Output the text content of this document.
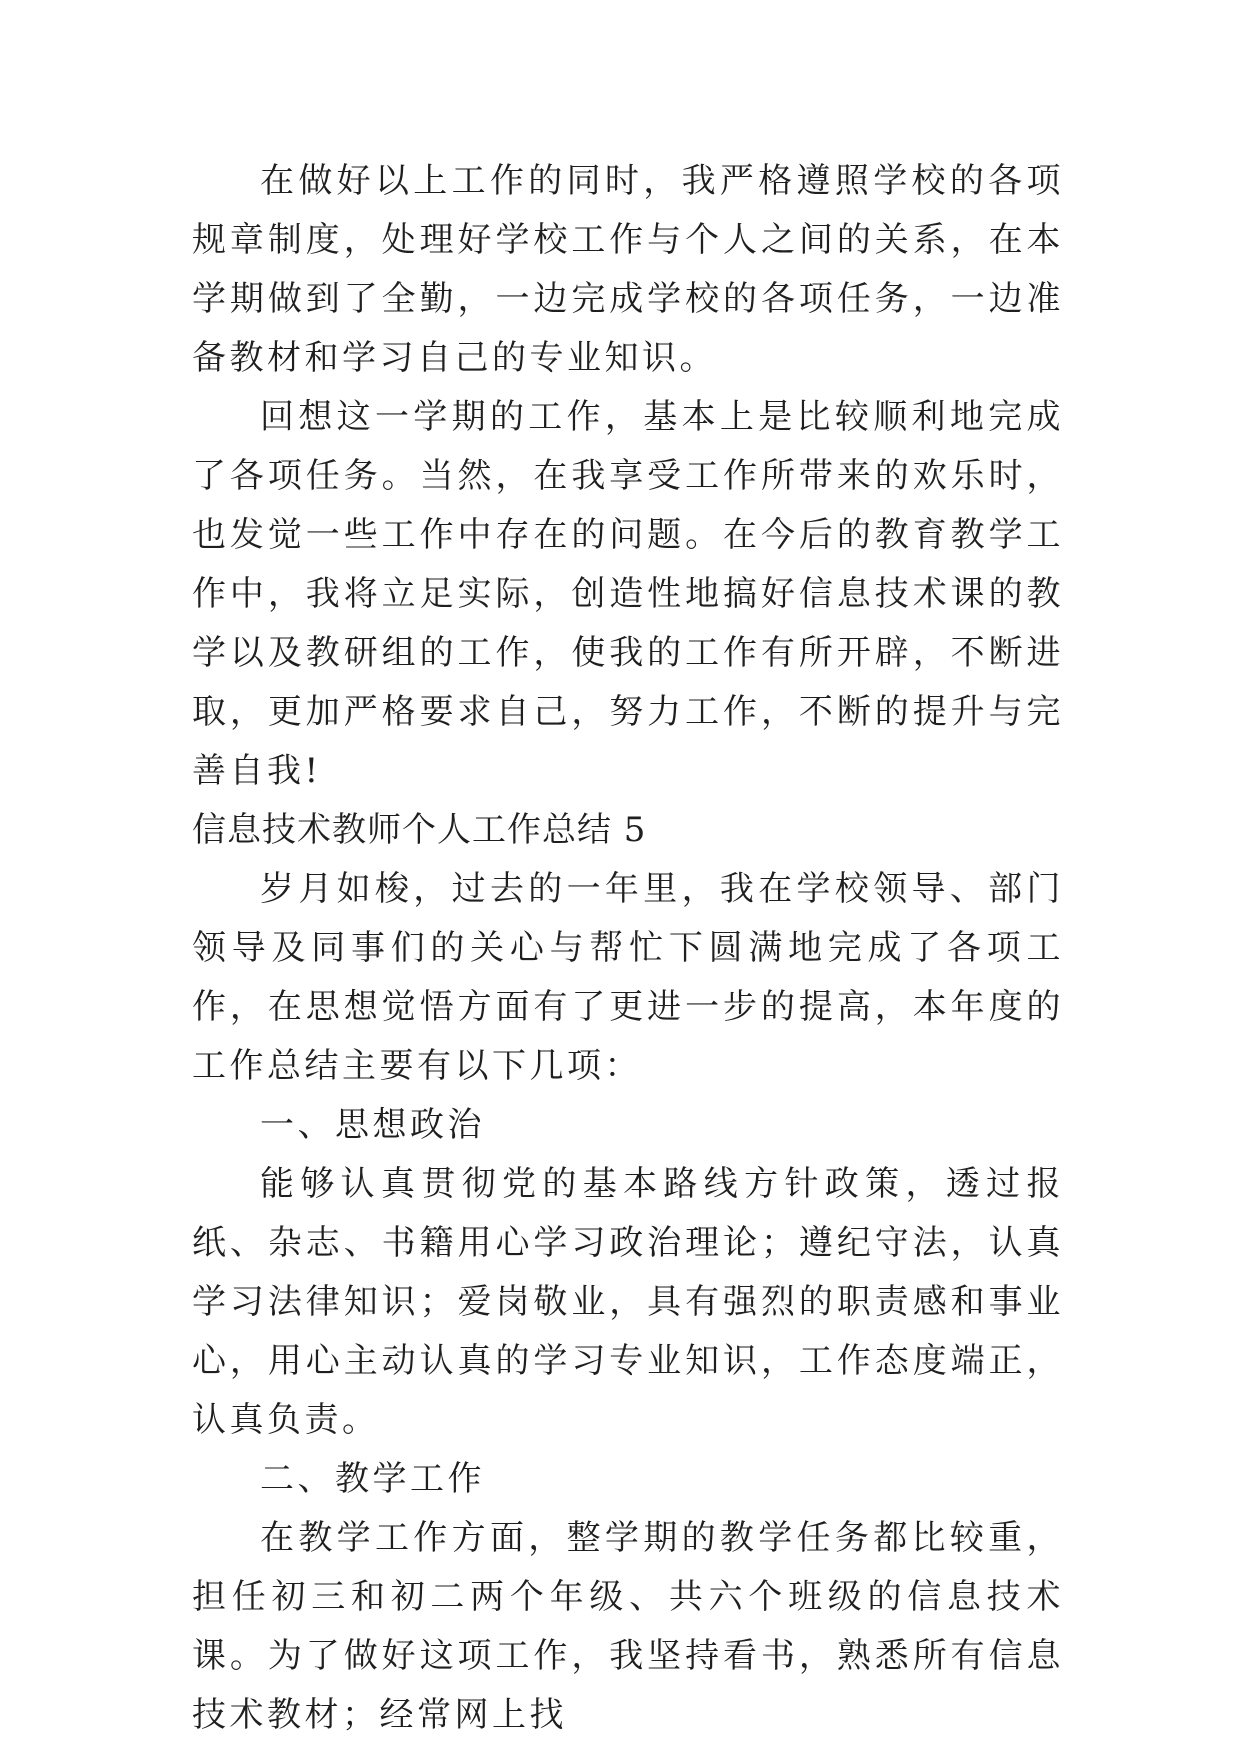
在做好以上工作的同时，我严格遵照学校的各项规章制度，处理好学校工作与个人之间的关系，在本学期做到了全勤，一边完成学校的各项任务，一边准备教材和学习自己的专业知识。

回想这一学期的工作，基本上是比较顺利地完成了各项任务。当然，在我享受工作所带来的欢乐时，也发觉一些工作中存在的问题。在今后的教育教学工作中，我将立足实际，创造性地搞好信息技术课的教学以及教研组的工作，使我的工作有所开辟，不断进取，更加严格要求自己，努力工作，不断的提升与完善自我!

信息技术教师个人工作总结 5

岁月如梭，过去的一年里，我在学校领导、部门领导及同事们的关心与帮忙下圆满地完成了各项工作，在思想觉悟方面有了更进一步的提高，本年度的工作总结主要有以下几项：

一、思想政治

能够认真贯彻党的基本路线方针政策，透过报纸、杂志、书籍用心学习政治理论；遵纪守法，认真学习法律知识；爱岗敬业，具有强烈的职责感和事业心，用心主动认真的学习专业知识，工作态度端正，认真负责。

二、教学工作

在教学工作方面，整学期的教学任务都比较重，担任初三和初二两个年级、共六个班级的信息技术课。为了做好这项工作，我坚持看书，熟悉所有信息技术教材；经常网上找
